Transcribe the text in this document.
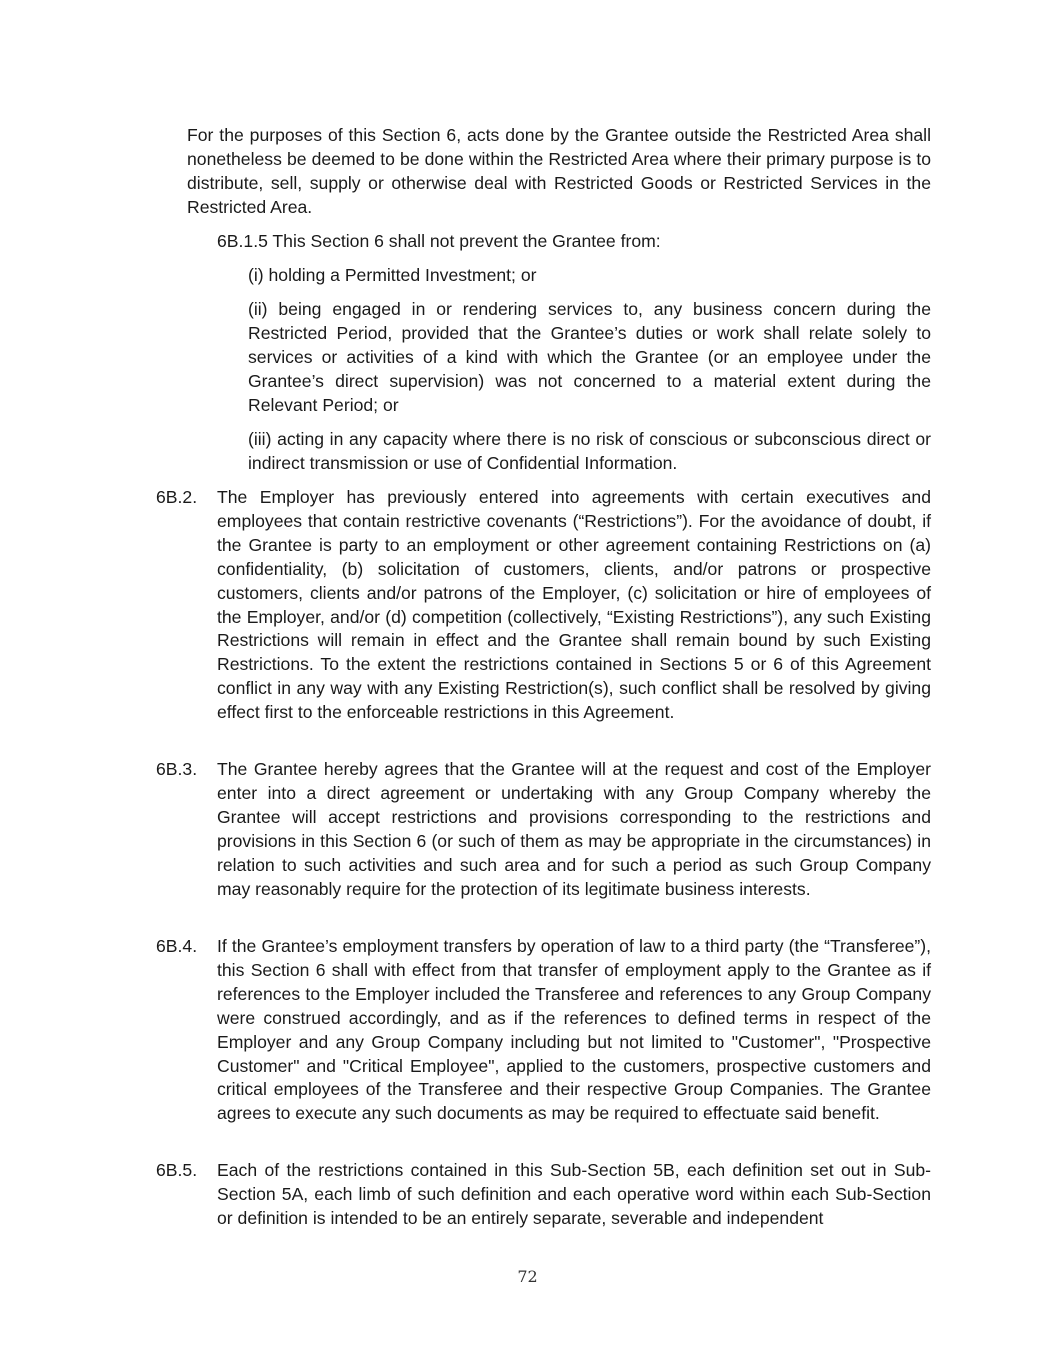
For the purposes of this Section 6, acts done by the Grantee outside the Restricted Area shall nonetheless be deemed to be done within the Restricted Area where their primary purpose is to distribute, sell, supply or otherwise deal with Restricted Goods or Restricted Services in the Restricted Area.

6B.1.5 This Section 6 shall not prevent the Grantee from:

(i) holding a Permitted Investment; or

(ii) being engaged in or rendering services to, any business concern during the Restricted Period, provided that the Grantee’s duties or work shall relate solely to services or activities of a kind with which the Grantee (or an employee under the Grantee’s direct supervision) was not concerned to a material extent during the Relevant Period; or

(iii) acting in any capacity where there is no risk of conscious or subconscious direct or indirect transmission or use of Confidential Information.

6B.2. The Employer has previously entered into agreements with certain executives and employees that contain restrictive covenants (“Restrictions”). For the avoidance of doubt, if the Grantee is party to an employment or other agreement containing Restrictions on (a) confidentiality, (b) solicitation of customers, clients, and/or patrons or prospective customers, clients and/or patrons of the Employer, (c) solicitation or hire of employees of the Employer, and/or (d) competition (collectively, “Existing Restrictions”), any such Existing Restrictions will remain in effect and the Grantee shall remain bound by such Existing Restrictions. To the extent the restrictions contained in Sections 5 or 6 of this Agreement conflict in any way with any Existing Restriction(s), such conflict shall be resolved by giving effect first to the enforceable restrictions in this Agreement.
6B.3. The Grantee hereby agrees that the Grantee will at the request and cost of the Employer enter into a direct agreement or undertaking with any Group Company whereby the Grantee will accept restrictions and provisions corresponding to the restrictions and provisions in this Section 6 (or such of them as may be appropriate in the circumstances) in relation to such activities and such area and for such a period as such Group Company may reasonably require for the protection of its legitimate business interests.
6B.4. If the Grantee’s employment transfers by operation of law to a third party (the “Transferee”), this Section 6 shall with effect from that transfer of employment apply to the Grantee as if references to the Employer included the Transferee and references to any Group Company were construed accordingly, and as if the references to defined terms in respect of the Employer and any Group Company including but not limited to "Customer", "Prospective Customer" and "Critical Employee", applied to the customers, prospective customers and critical employees of the Transferee and their respective Group Companies. The Grantee agrees to execute any such documents as may be required to effectuate said benefit.
6B.5. Each of the restrictions contained in this Sub-Section 5B, each definition set out in Sub-Section 5A, each limb of such definition and each operative word within each Sub-Section or definition is intended to be an entirely separate, severable and independent
72
